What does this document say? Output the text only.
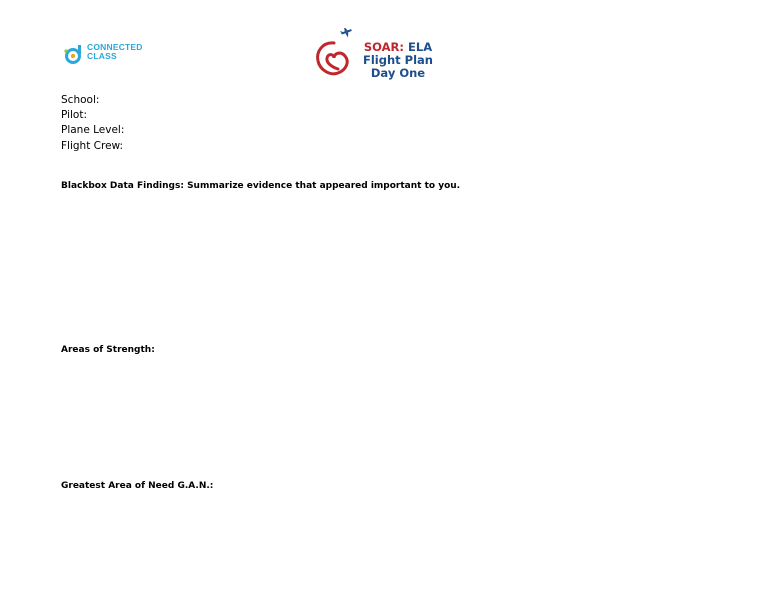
CONNECTED
CLASS
SOAR: ELA
Flight Plan
Day One
School:
Pilot:
Plane Level:
Flight Crew:
Blackbox Data Findings: Summarize evidence that appeared important to you.
Areas of Strength:
Greatest Area of Need G.A.N.:
